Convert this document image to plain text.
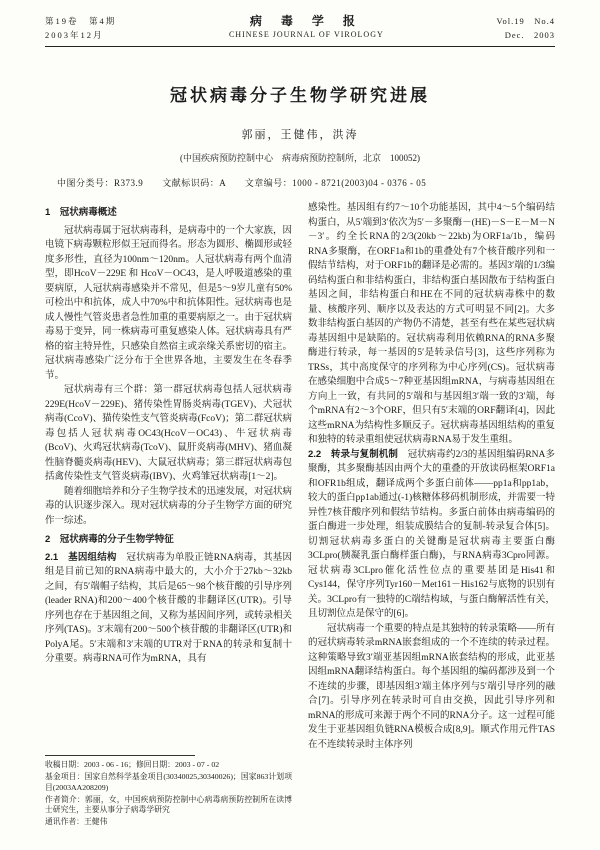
第19卷　第4期
2003年12月
病 毒 学 报
CHINESE JOURNAL OF VIROLOGY
Vol.19　No.4
Dec.　2003
冠状病毒分子生物学研究进展
郭丽，王健伟，洪涛
(中国疾病预防控制中心　病毒病预防控制所，北京　100052)
中图分类号：R373.9　　文献标识码：A　　文章编号：1000 - 8721(2003)04 - 0376 - 05
1　冠状病毒概述

冠状病毒属于冠状病毒科，是病毒中的一个大家族，因电镜下病毒颗粒形似王冠而得名。形态为圆形、椭圆形或轻度多形性，直径为100nm～120nm。人冠状病毒有两个血清型，即HcoV－229E 和 HcoV－OC43，是人呼吸道感染的重要病原，人冠状病毒感染并不常见，但是5～9岁儿童有50%可检出中和抗体，成人中70%中和抗体阳性。冠状病毒也是成人慢性气管炎患者急性加重的重要病原之一。由于冠状病毒易于变异，同一株病毒可重复感染人体。冠状病毒具有严格的宿主特异性，只感染自然宿主或亲缘关系密切的宿主。冠状病毒感染广泛分布于全世界各地，主要发生在冬春季节。

冠状病毒有三个群：第一群冠状病毒包括人冠状病毒229E(HcoV－229E)、猪传染性胃肠炎病毒(TGEV)、犬冠状病毒(CcoV)、猫传染性支气管炎病毒(FcoV)；第二群冠状病毒包括人冠状病毒OC43(HcoV－OC43)、牛冠状病毒(BcoV)、火鸡冠状病毒(TcoV)、鼠肝炎病毒(MHV)、猪血凝性脑脊髓炎病毒(HEV)、大鼠冠状病毒；第三群冠状病毒包括禽传染性支气管炎病毒(IBV)、火鸡雏冠状病毒[1～2]。

随着细胞培养和分子生物学技术的迅速发展，对冠状病毒的认识逐步深入。现对冠状病毒的分子生物学方面的研究作一综述。

2　冠状病毒的分子生物学特征

2.1　基因组结构　冠状病毒为单股正链RNA病毒，其基因组是目前已知的RNA病毒中最大的，大小介于27kb～32kb之间，有5′端帽子结构，其后是65～98个核苷酸的引导序列(leader RNA)和200～400个核苷酸的非翻译区(UTR)。引导序列也存在于基因组之间，又称为基因间序列，或转录相关序列(TAS)。3′末端有200～500个核苷酸的非翻译区(UTR)和PolyA尾。5′末端和3′末端的UTR对于RNA的转录和复制十分重要。病毒RNA可作为mRNA，具有

收稿日期：2003 - 06 - 16；修回日期：2003 - 07 - 02

基金项目：国家自然科学基金项目(30340025,30340026)；国家863计划项目(2003AA208209)

作者简介：郭丽，女，中国疾病预防控制中心病毒病预防控制所在读博士研究生，主要从事分子病毒学研究

通讯作者：王健伟

感染性。基因组有约7～10个功能基因，其中4～5个编码结构蛋白，从5′端到3′依次为5′－多聚酶－(HE)－S－E－M－N－3′。约全长RNA的2/3(20kb～22kb)为ORF1a/1b，编码RNA多聚酶，在ORF1a和1b的重叠处有7个核苷酸序列和一假结节结构，对于ORF1b的翻译是必需的。基因3′端的1/3编码结构蛋白和非结构蛋白，非结构蛋白基因散布于结构蛋白基因之间，非结构蛋白和HE在不同的冠状病毒株中的数量、核酸序列、顺序以及表达的方式可明显不同[2]。大多数非结构蛋白基因的产物仍不清楚，甚至有些在某些冠状病毒基因组中是缺陷的。冠状病毒利用依赖RNA的RNA多聚酶进行转录，每一基因的5′是转录信号[3]，这些序列称为TRSs，其中高度保守的序列称为中心序列(CS)。冠状病毒在感染细胞中合成5～7种亚基因组mRNA，与病毒基因组在方向上一致，有共同的5′端和与基因组3′端一致的3′端，每个mRNA有2～3个ORF，但只有5′末端的ORF翻译[4]，因此这些mRNA为结构性多顺反子。冠状病毒基因组结构的重复和独特的转录重组使冠状病毒RNA易于发生重组。

2.2　转录与复制机制　冠状病毒约2/3的基因组编码RNA多聚酶，其多聚酶基因由两个大的重叠的开放读码框架ORF1a和OFR1b组成，翻译成两个多蛋白前体——pp1a和pp1ab，较大的蛋白pp1ab通过(-1)核糖体移码机制形成，并需要一特异性7核苷酸序列和假结节结构。多蛋白前体由病毒编码的蛋白酶进一步处理，组装成膜结合的复制-转录复合体[5]。切割冠状病毒多蛋白的关键酶是冠状病毒主要蛋白酶3CLpro(胰凝乳蛋白酶样蛋白酶)，与RNA病毒3Cpro同源。冠状病毒3CLpro催化活性位点的重要基团是His41和Cys144，保守序列Tyr160－Met161－His162与底物的识别有关。3CLpro有一独特的C端结构域，与蛋白酶解活性有关，且切割位点是保守的[6]。

冠状病毒一个重要的特点是其独特的转录策略——所有的冠状病毒转录mRNA嵌套组成的一个不连续的转录过程。这种策略导致3′端亚基因组mRNA嵌套结构的形成，此亚基因组mRNA翻译结构蛋白。每个基因组的编码都涉及到一个不连续的步骤，即基因组3′端主体序列与5′端引导序列的融合[7]。引导序列在转录时可自由交换，因此引导序列和mRNA的形成可来源于两个不同的RNA分子。这一过程可能发生于亚基因组负链RNA模板合成[8,9]。顺式作用元件TAS在不连续转录时主体序列
